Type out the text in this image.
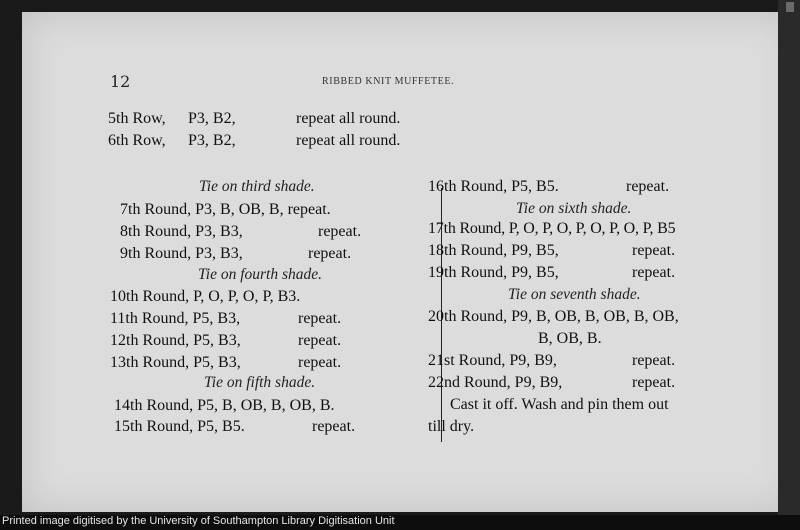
12	RIBBED KNIT MUFFETEE.
5th Row, P3, B2,	repeat all round.
6th Row, P3, B2,	repeat all round.
Tie on third shade.
7th Round, P3, B, OB, B, repeat.
8th Round, P3, B3,	repeat.
9th Round, P3, B3,	repeat.
Tie on fourth shade.
10th Round, P, O, P, O, P, B3.
11th Round, P5, B3,	repeat.
12th Round, P5, B3,	repeat.
13th Round, P5, B3,	repeat.
Tie on fifth shade.
14th Round, P5, B, OB, B, OB, B.
15th Round, P5, B5.	repeat.
16th Round, P5, B5.	repeat.
Tie on sixth shade.
17th Round, P, O, P, O, P, O, P, O, P, B5
18th Round, P9, B5,	repeat.
19th Round, P9, B5,	repeat.
Tie on seventh shade.
20th Round, P9, B, OB, B, OB, B, OB,
B, OB, B.
21st Round, P9, B9,	repeat.
22nd Round, P9, B9,	repeat.
Cast it off. Wash and pin them out
till dry.
Printed image digitised by the University of Southampton Library Digitisation Unit
